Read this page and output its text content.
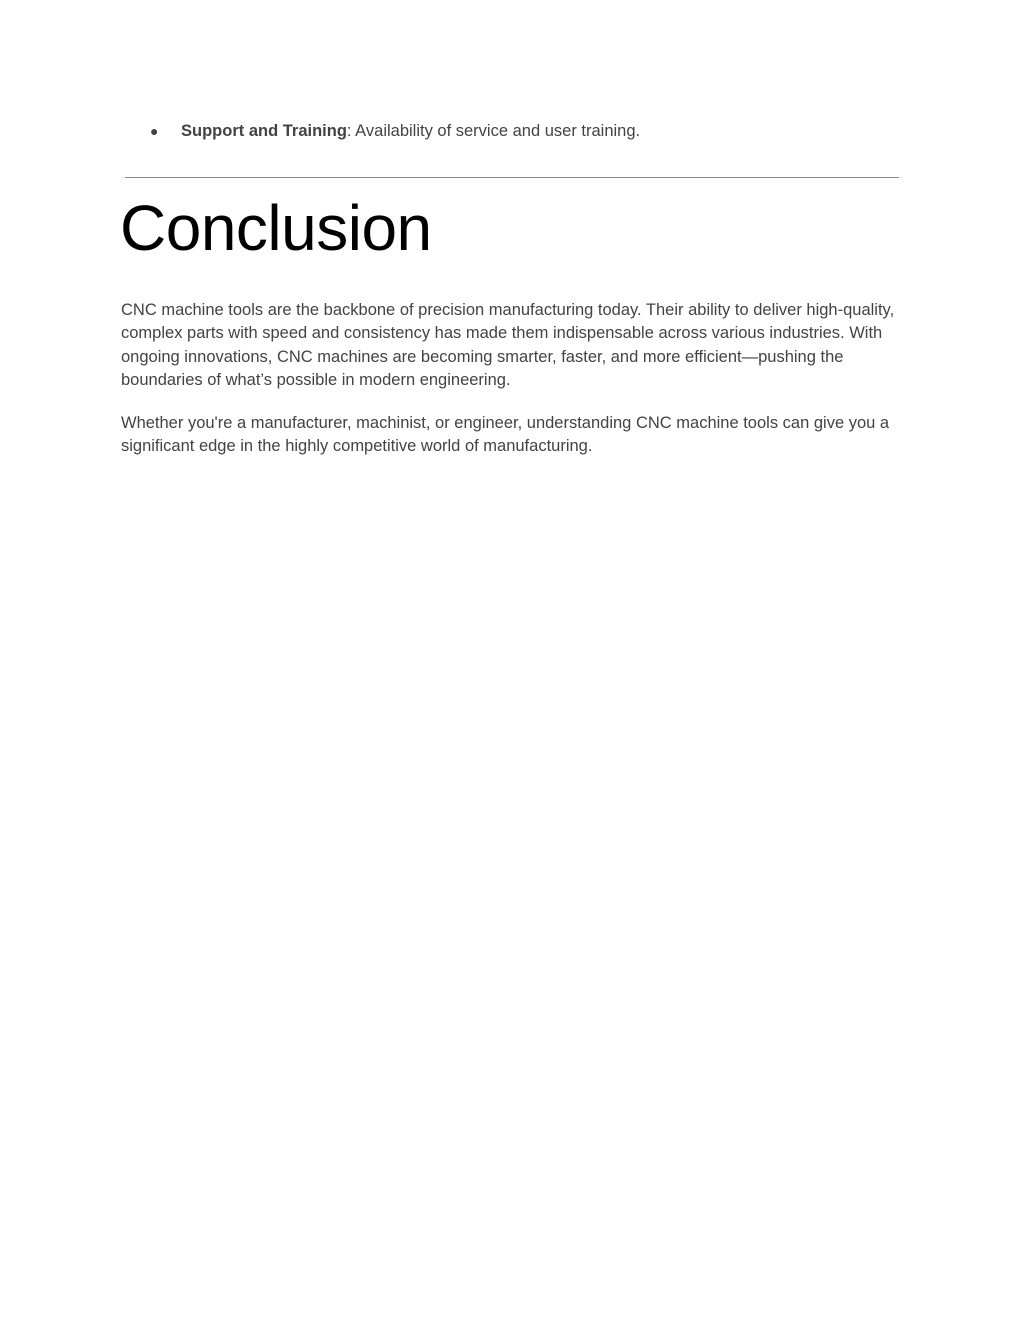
● Support and Training: Availability of service and user training.
Conclusion

CNC machine tools are the backbone of precision manufacturing today. Their ability to deliver high-quality, complex parts with speed and consistency has made them indispensable across various industries. With ongoing innovations, CNC machines are becoming smarter, faster, and more efficient—pushing the boundaries of what’s possible in modern engineering.

Whether you're a manufacturer, machinist, or engineer, understanding CNC machine tools can give you a significant edge in the highly competitive world of manufacturing.
